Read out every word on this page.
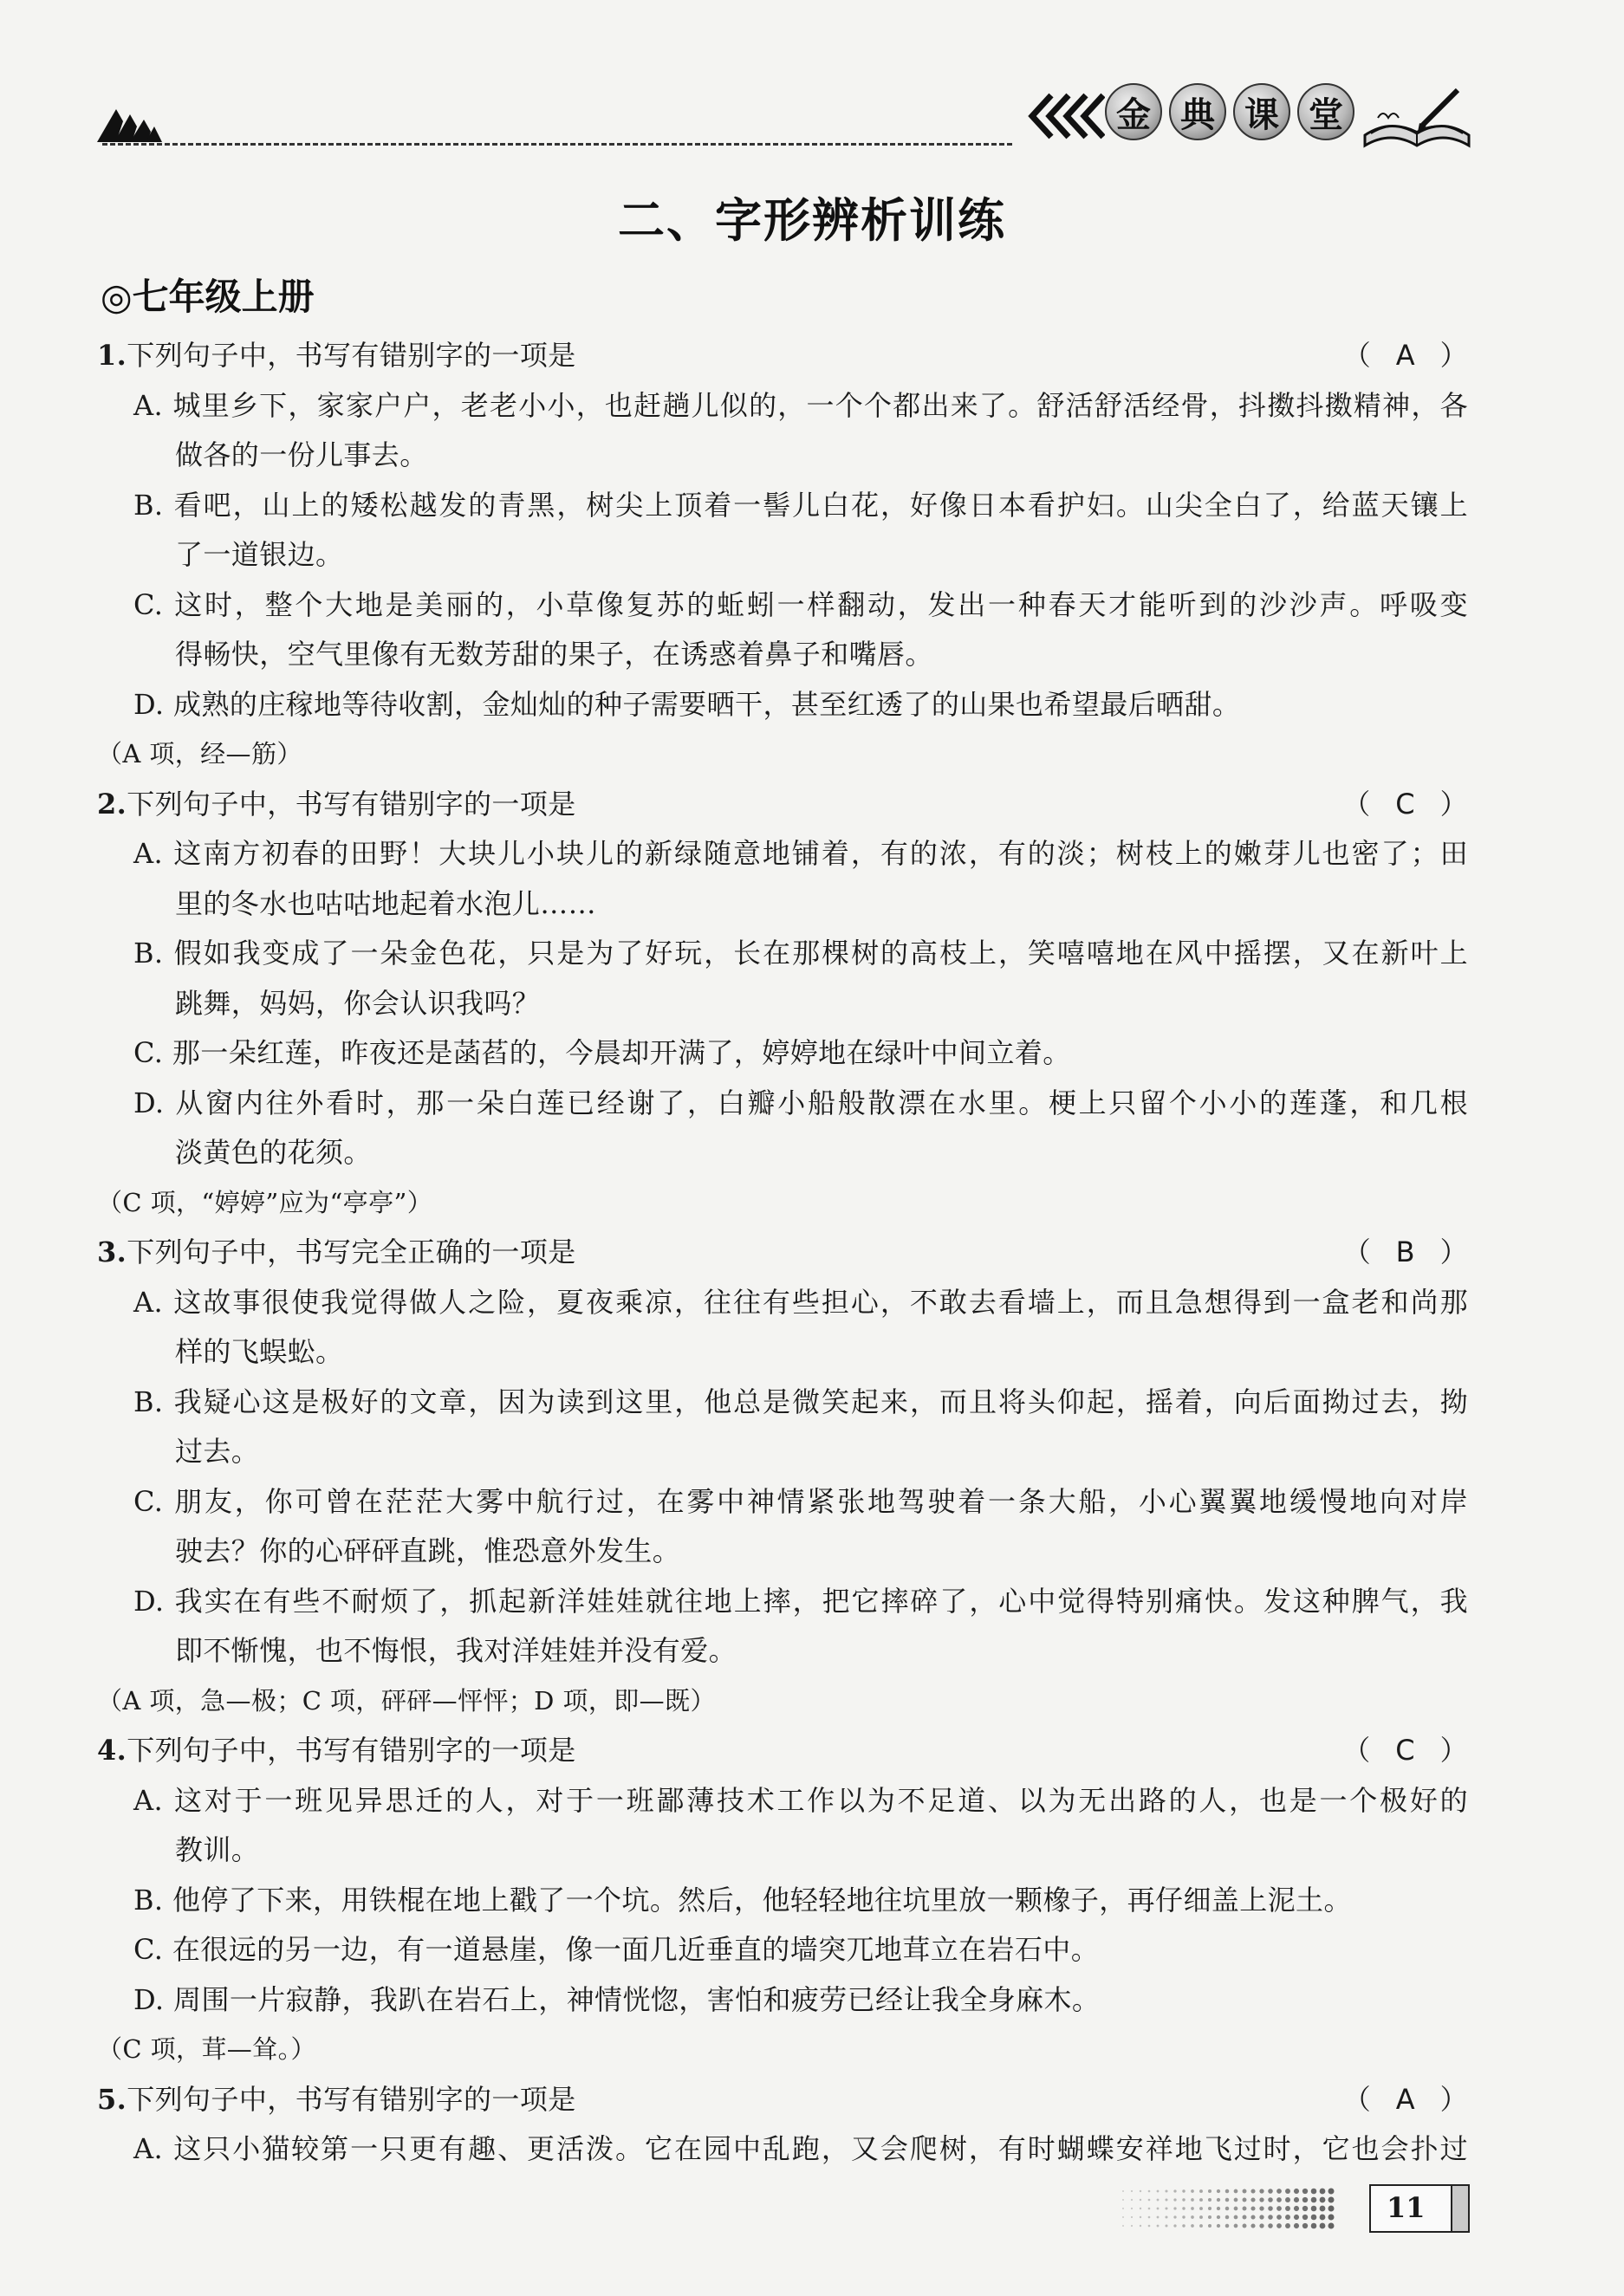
金 典 课 堂
二、字形辨析训练
◎七年级上册
1.下列句子中，书写有错别字的一项是	（ A ）
A. 城里乡下，家家户户，老老小小，也赶趟儿似的，一个个都出来了。舒活舒活经骨，抖擞抖擞精神，各
做各的一份儿事去。
B. 看吧，山上的矮松越发的青黑，树尖上顶着一髻儿白花，好像日本看护妇。山尖全白了，给蓝天镶上
了一道银边。
C. 这时，整个大地是美丽的，小草像复苏的蚯蚓一样翻动，发出一种春天才能听到的沙沙声。呼吸变
得畅快，空气里像有无数芳甜的果子，在诱惑着鼻子和嘴唇。
D. 成熟的庄稼地等待收割，金灿灿的种子需要晒干，甚至红透了的山果也希望最后晒甜。
（A 项，经—筋）
2.下列句子中，书写有错别字的一项是	（ C ）
A. 这南方初春的田野！大块儿小块儿的新绿随意地铺着，有的浓，有的淡；树枝上的嫩芽儿也密了；田
里的冬水也咕咕地起着水泡儿……
B. 假如我变成了一朵金色花，只是为了好玩，长在那棵树的高枝上，笑嘻嘻地在风中摇摆，又在新叶上
跳舞，妈妈，你会认识我吗？
C. 那一朵红莲，昨夜还是菡萏的，今晨却开满了，婷婷地在绿叶中间立着。
D. 从窗内往外看时，那一朵白莲已经谢了，白瓣小船般散漂在水里。梗上只留个小小的莲蓬，和几根
淡黄色的花须。
（C 项，“婷婷”应为“亭亭”）
3.下列句子中，书写完全正确的一项是	（ B ）
A. 这故事很使我觉得做人之险，夏夜乘凉，往往有些担心，不敢去看墙上，而且急想得到一盒老和尚那
样的飞蜈蚣。
B. 我疑心这是极好的文章，因为读到这里，他总是微笑起来，而且将头仰起，摇着，向后面拗过去，拗
过去。
C. 朋友，你可曾在茫茫大雾中航行过，在雾中神情紧张地驾驶着一条大船，小心翼翼地缓慢地向对岸
驶去？你的心砰砰直跳，惟恐意外发生。
D. 我实在有些不耐烦了，抓起新洋娃娃就往地上摔，把它摔碎了，心中觉得特别痛快。发这种脾气，我
即不惭愧，也不悔恨，我对洋娃娃并没有爱。
（A 项，急—极；C 项，砰砰—怦怦；D 项，即—既）
4.下列句子中，书写有错别字的一项是	（ C ）
A. 这对于一班见异思迁的人，对于一班鄙薄技术工作以为不足道、以为无出路的人，也是一个极好的
教训。
B. 他停了下来，用铁棍在地上戳了一个坑。然后，他轻轻地往坑里放一颗橡子，再仔细盖上泥土。
C. 在很远的另一边，有一道悬崖，像一面几近垂直的墙突兀地茸立在岩石中。
D. 周围一片寂静，我趴在岩石上，神情恍惚，害怕和疲劳已经让我全身麻木。
（C 项，茸—耸。）
5.下列句子中，书写有错别字的一项是	（ A ）
A. 这只小猫较第一只更有趣、更活泼。它在园中乱跑，又会爬树，有时蝴蝶安祥地飞过时，它也会扑过
11
